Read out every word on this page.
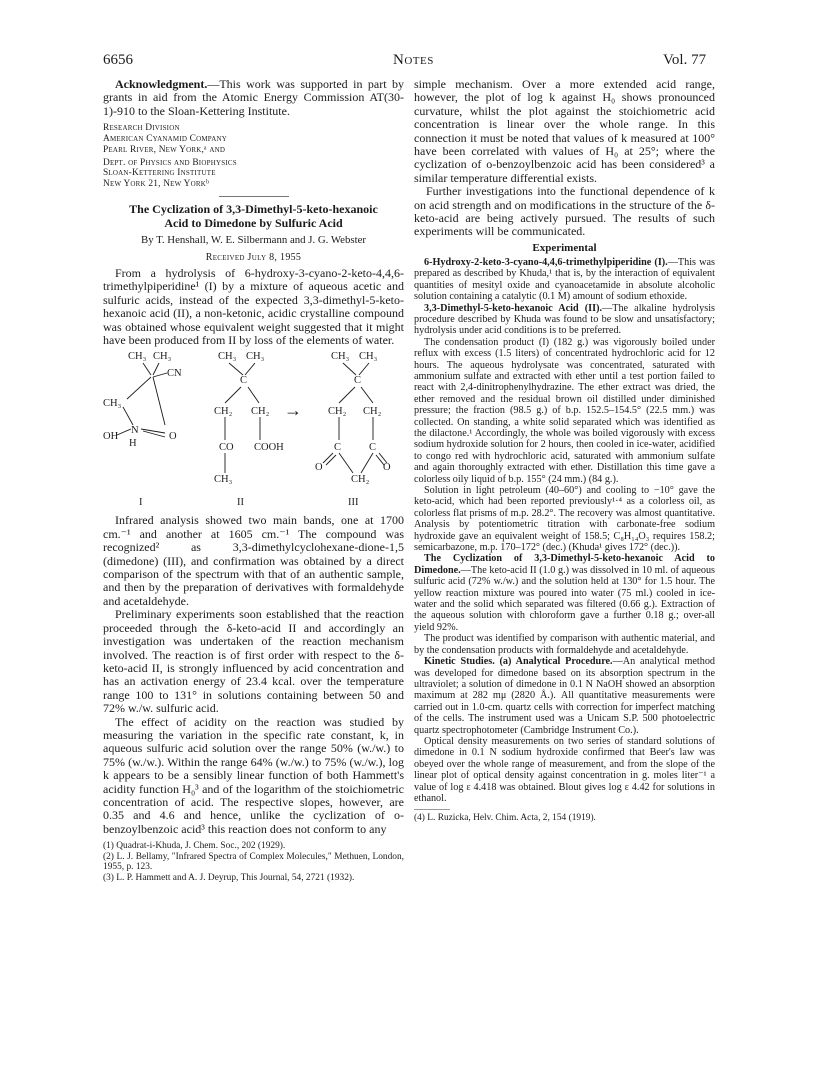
6656	Notes	Vol. 77

Acknowledgment.—This work was supported in part by grants in aid from the Atomic Energy Commission AT(30-1)-910 to the Sloan-Kettering Institute.

Research Division

American Cyanamid Company

Pearl River, New York,ᵃ and

Dept. of Physics and Biophysics

Sloan-Kettering Institute

New York 21, New Yorkᵇ

The Cyclization of 3,3-Dimethyl-5-keto-hexanoic

Acid to Dimedone by Sulfuric Acid

By T. Henshall, W. E. Silbermann and J. G. Webster

Received July 8, 1955

From a hydrolysis of 6-hydroxy-3-cyano-2-keto-4,4,6-trimethylpiperidine¹ (I) by a mixture of aqueous acetic and sulfuric acids, instead of the expected 3,3-dimethyl-5-keto-hexanoic acid (II), a non-ketonic, acidic crystalline compound was obtained whose equivalent weight suggested that it might have been produced from II by loss of the elements of water.

CH₃ CH₃
CN
CH₃
OH
N
H
O
CH₃
C
CH₂ CH₂
CO COOH
CH₃
C
CH₂ CH₂
C	C
O	O
CH₂
CH₃ CH₃
CH₃
→
I	II	III

Infrared analysis showed two main bands, one at 1700 cm.⁻¹ and another at 1605 cm.⁻¹ The compound was recognized² as 3,3-dimethylcyclohexane-dione-1,5 (dimedone) (III), and confirmation was obtained by a direct comparison of the spectrum with that of an authentic sample, and then by the preparation of derivatives with formaldehyde and acetaldehyde.

Preliminary experiments soon established that the reaction proceeded through the δ-keto-acid II and accordingly an investigation was undertaken of the reaction mechanism involved. The reaction is of first order with respect to the δ-keto-acid II, is strongly influenced by acid concentration and has an activation energy of 23.4 kcal. over the temperature range 100 to 131° in solutions containing between 50 and 72% w./w. sulfuric acid.

The effect of acidity on the reaction was studied by measuring the variation in the specific rate constant, k, in aqueous sulfuric acid solution over the range 50% (w./w.) to 75% (w./w.). Within the range 64% (w./w.) to 75% (w./w.), log k appears to be a sensibly linear function of both Hammett's acidity function H₀³ and of the logarithm of the stoichiometric concentration of acid. The respective slopes, however, are 0.35 and 4.6 and hence, unlike the cyclization of o-benzoylbenzoic acid³ this reaction does not conform to any

(1) Quadrat-i-Khuda, J. Chem. Soc., 202 (1929).

(2) L. J. Bellamy, "Infrared Spectra of Complex Molecules," Methuen, London, 1955, p. 123.

(3) L. P. Hammett and A. J. Deyrup, This Journal, 54, 2721 (1932).

simple mechanism. Over a more extended acid range, however, the plot of log k against H₀ shows pronounced curvature, whilst the plot against the stoichiometric acid concentration is linear over the whole range. In this connection it must be noted that values of k measured at 100° have been correlated with values of H₀ at 25°; where the cyclization of o-benzoylbenzoic acid has been considered³ a similar temperature differential exists.

Further investigations into the functional dependence of k on acid strength and on modifications in the structure of the δ-keto-acid are being actively pursued. The results of such experiments will be communicated.

Experimental

6-Hydroxy-2-keto-3-cyano-4,4,6-trimethylpiperidine (I).—This was prepared as described by Khuda,¹ that is, by the interaction of equivalent quantities of mesityl oxide and cyanoacetamide in absolute alcoholic solution containing a catalytic (0.1 M) amount of sodium ethoxide.

3,3-Dimethyl-5-keto-hexanoic Acid (II).—The alkaline hydrolysis procedure described by Khuda was found to be slow and unsatisfactory; hydrolysis under acid conditions is to be preferred.

The condensation product (I) (182 g.) was vigorously boiled under reflux with excess (1.5 liters) of concentrated hydrochloric acid for 12 hours. The aqueous hydrolysate was concentrated, saturated with ammonium sulfate and extracted with ether until a test portion failed to react with 2,4-dinitrophenylhydrazine. The ether extract was dried, the ether removed and the residual brown oil distilled under diminished pressure; the fraction (98.5 g.) of b.p. 152.5–154.5° (22.5 mm.) was collected. On standing, a white solid separated which was identified as the dilactone.¹ Accordingly, the whole was boiled vigorously with excess sodium hydroxide solution for 2 hours, then cooled in ice-water, acidified to congo red with hydrochloric acid, saturated with ammonium sulfate and again thoroughly extracted with ether. Distillation this time gave a colorless oily liquid of b.p. 155° (24 mm.) (84 g.).

Solution in light petroleum (40–60°) and cooling to −10° gave the keto-acid, which had been reported previously¹·⁴ as a colorless oil, as colorless flat prisms of m.p. 28.2°. The recovery was almost quantitative. Analysis by potentiometric titration with carbonate-free sodium hydroxide gave an equivalent weight of 158.5; C₈H₁₄O₃ requires 158.2; semicarbazone, m.p. 170–172° (dec.) (Khuda¹ gives 172° (dec.)).

The Cyclization of 3,3-Dimethyl-5-keto-hexanoic Acid to Dimedone.—The keto-acid II (1.0 g.) was dissolved in 10 ml. of aqueous sulfuric acid (72% w./w.) and the solution held at 130° for 1.5 hour. The yellow reaction mixture was poured into water (75 ml.) cooled in ice-water and the solid which separated was filtered (0.66 g.). Extraction of the aqueous solution with chloroform gave a further 0.18 g.; over-all yield 92%.

The product was identified by comparison with authentic material, and by the condensation products with formaldehyde and acetaldehyde.

Kinetic Studies. (a) Analytical Procedure.—An analytical method was developed for dimedone based on its absorption spectrum in the ultraviolet; a solution of dimedone in 0.1 N NaOH showed an absorption maximum at 282 mμ (2820 Å.). All quantitative measurements were carried out in 1.0-cm. quartz cells with correction for imperfect matching of the cells. The instrument used was a Unicam S.P. 500 photoelectric quartz spectrophotometer (Cambridge Instrument Co.).

Optical density measurements on two series of standard solutions of dimedone in 0.1 N sodium hydroxide confirmed that Beer's law was obeyed over the whole range of measurement, and from the slope of the linear plot of optical density against concentration in g. moles liter⁻¹ a value of log ε 4.418 was obtained. Blout gives log ε 4.42 for solutions in ethanol.

(4) L. Ruzicka, Helv. Chim. Acta, 2, 154 (1919).
